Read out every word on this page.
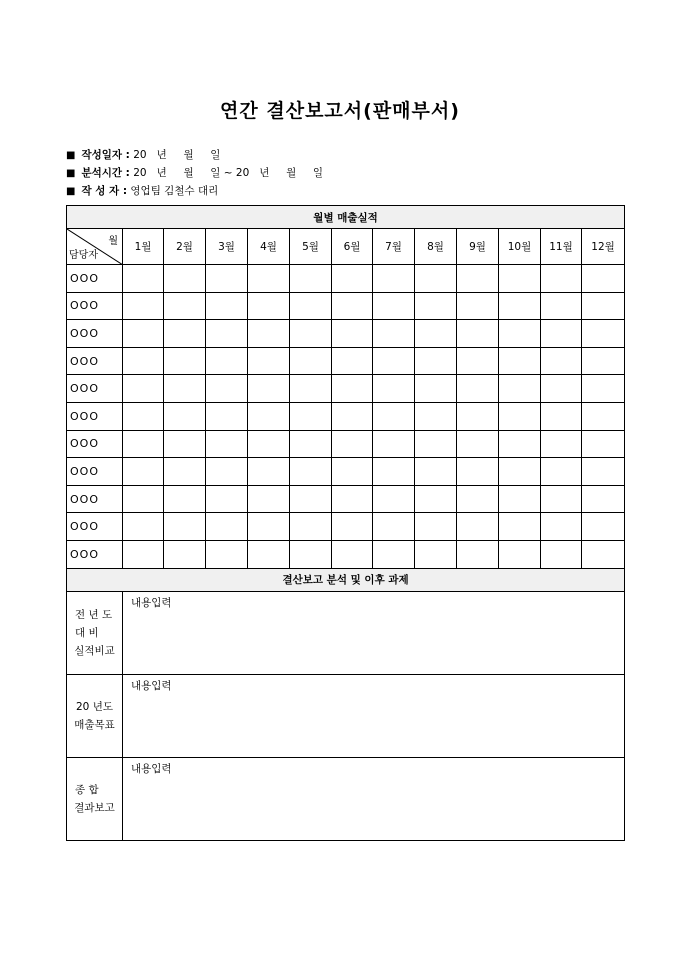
연간 결산보고서(판매부서)
■ 작성일자 : 20   년     월     일
■ 분석시간 : 20   년     월     일 ~ 20   년     월     일
■ 작 성 자 : 영업팀 김철수 대리
월별 매출실적												

월
담당자	1월	2월	3월	4월	5월	6월	7월	8월	9월	10월	11월	12월
OOO												
OOO												
OOO												
OOO												
OOO												
OOO												
OOO												
OOO												
OOO												
OOO												
OOO												
결산보고 분석 및 이후 과제												

전 년 도
대 비
실적비교	내용입력											

20 년도
매출목표	내용입력											

종 합
결과보고	내용입력											
